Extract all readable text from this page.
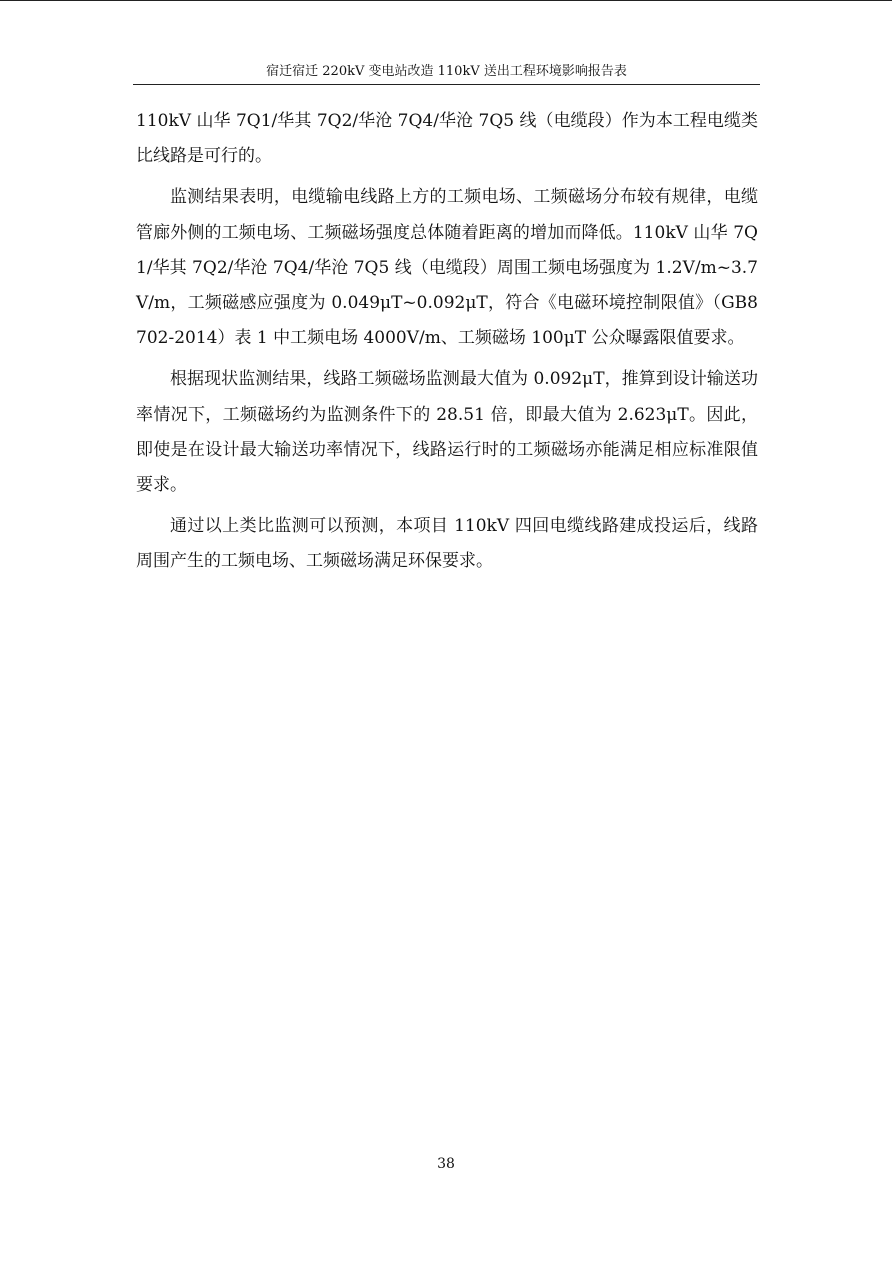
宿迁宿迁 220kV 变电站改造 110kV 送出工程环境影响报告表

110kV 山华 7Q1/华其 7Q2/华沧 7Q4/华沧 7Q5 线（电缆段）作为本工程电缆类比线路是可行的。

监测结果表明，电缆输电线路上方的工频电场、工频磁场分布较有规律，电缆管廊外侧的工频电场、工频磁场强度总体随着距离的增加而降低。110kV 山华 7Q1/华其 7Q2/华沧 7Q4/华沧 7Q5 线（电缆段）周围工频电场强度为 1.2V/m~3.7V/m，工频磁感应强度为 0.049μT~0.092μT，符合《电磁环境控制限值》（GB8702-2014）表 1 中工频电场 4000V/m、工频磁场 100μT 公众曝露限值要求。

根据现状监测结果，线路工频磁场监测最大值为 0.092μT，推算到设计输送功率情况下，工频磁场约为监测条件下的 28.51 倍，即最大值为 2.623μT。因此，即使是在设计最大输送功率情况下，线路运行时的工频磁场亦能满足相应标准限值要求。

通过以上类比监测可以预测，本项目 110kV 四回电缆线路建成投运后，线路周围产生的工频电场、工频磁场满足环保要求。

38
